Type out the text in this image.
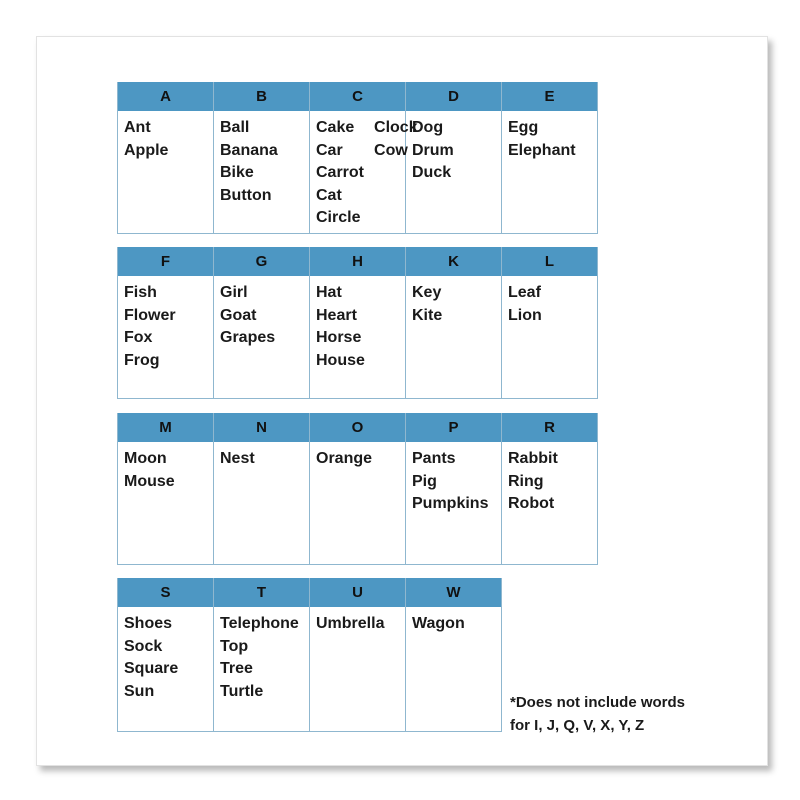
A
Ant
Apple
B
Ball
Banana
Bike
Button
C
Cake
Car
Carrot
Cat
Circle
Clock
Cow
D
Dog
Drum
Duck
E
Egg
Elephant
F
Fish
Flower
Fox
Frog
G
Girl
Goat
Grapes
H
Hat
Heart
Horse
House
K
Key
Kite
L
Leaf
Lion
M
Moon
Mouse
N
Nest
O
Orange
P
Pants
Pig
Pumpkins
R
Rabbit
Ring
Robot
S
Shoes
Sock
Square
Sun
T
Telephone
Top
Tree
Turtle
U
Umbrella
W
Wagon
*Does not include words
for I, J, Q, V, X, Y, Z
